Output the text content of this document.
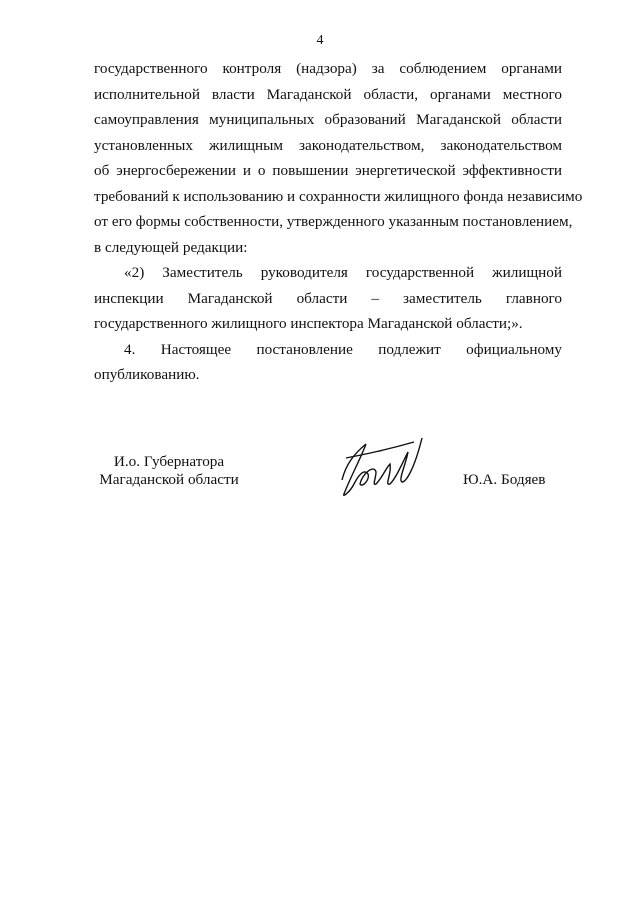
4
государственного контроля (надзора) за соблюдением органами
исполнительной власти Магаданской области, органами местного
самоуправления муниципальных образований Магаданской области
установленных жилищным законодательством, законодательством
об энергосбережении и о повышении энергетической эффективности
требований к использованию и сохранности жилищного фонда независимо
от его формы собственности, утвержденного указанным постановлением,
в следующей редакции:
«2) Заместитель руководителя государственной жилищной
инспекции Магаданской области – заместитель главного
государственного жилищного инспектора Магаданской области;».
4. Настоящее постановление подлежит официальному
опубликованию.
И.о. Губернатора
Магаданской области	Ю.А. Бодяев
